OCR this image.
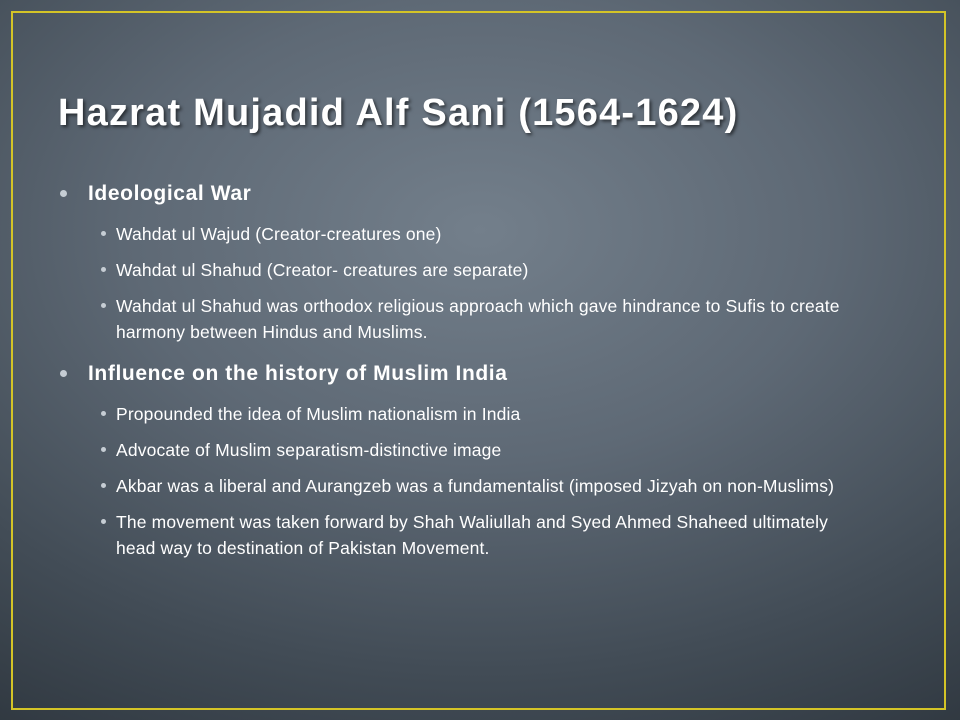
Hazrat Mujadid Alf Sani (1564-1624)
Ideological War
Wahdat ul Wajud (Creator-creatures one)
Wahdat ul Shahud (Creator- creatures are separate)
Wahdat ul Shahud was orthodox religious approach which gave hindrance to Sufis to create harmony between Hindus and Muslims.
Influence on the history of Muslim India
Propounded the idea of Muslim nationalism in India
Advocate of Muslim separatism-distinctive image
Akbar was a liberal and Aurangzeb was a fundamentalist (imposed Jizyah on non-Muslims)
The movement was taken forward by Shah Waliullah and Syed Ahmed Shaheed ultimately head way to destination of Pakistan Movement.
